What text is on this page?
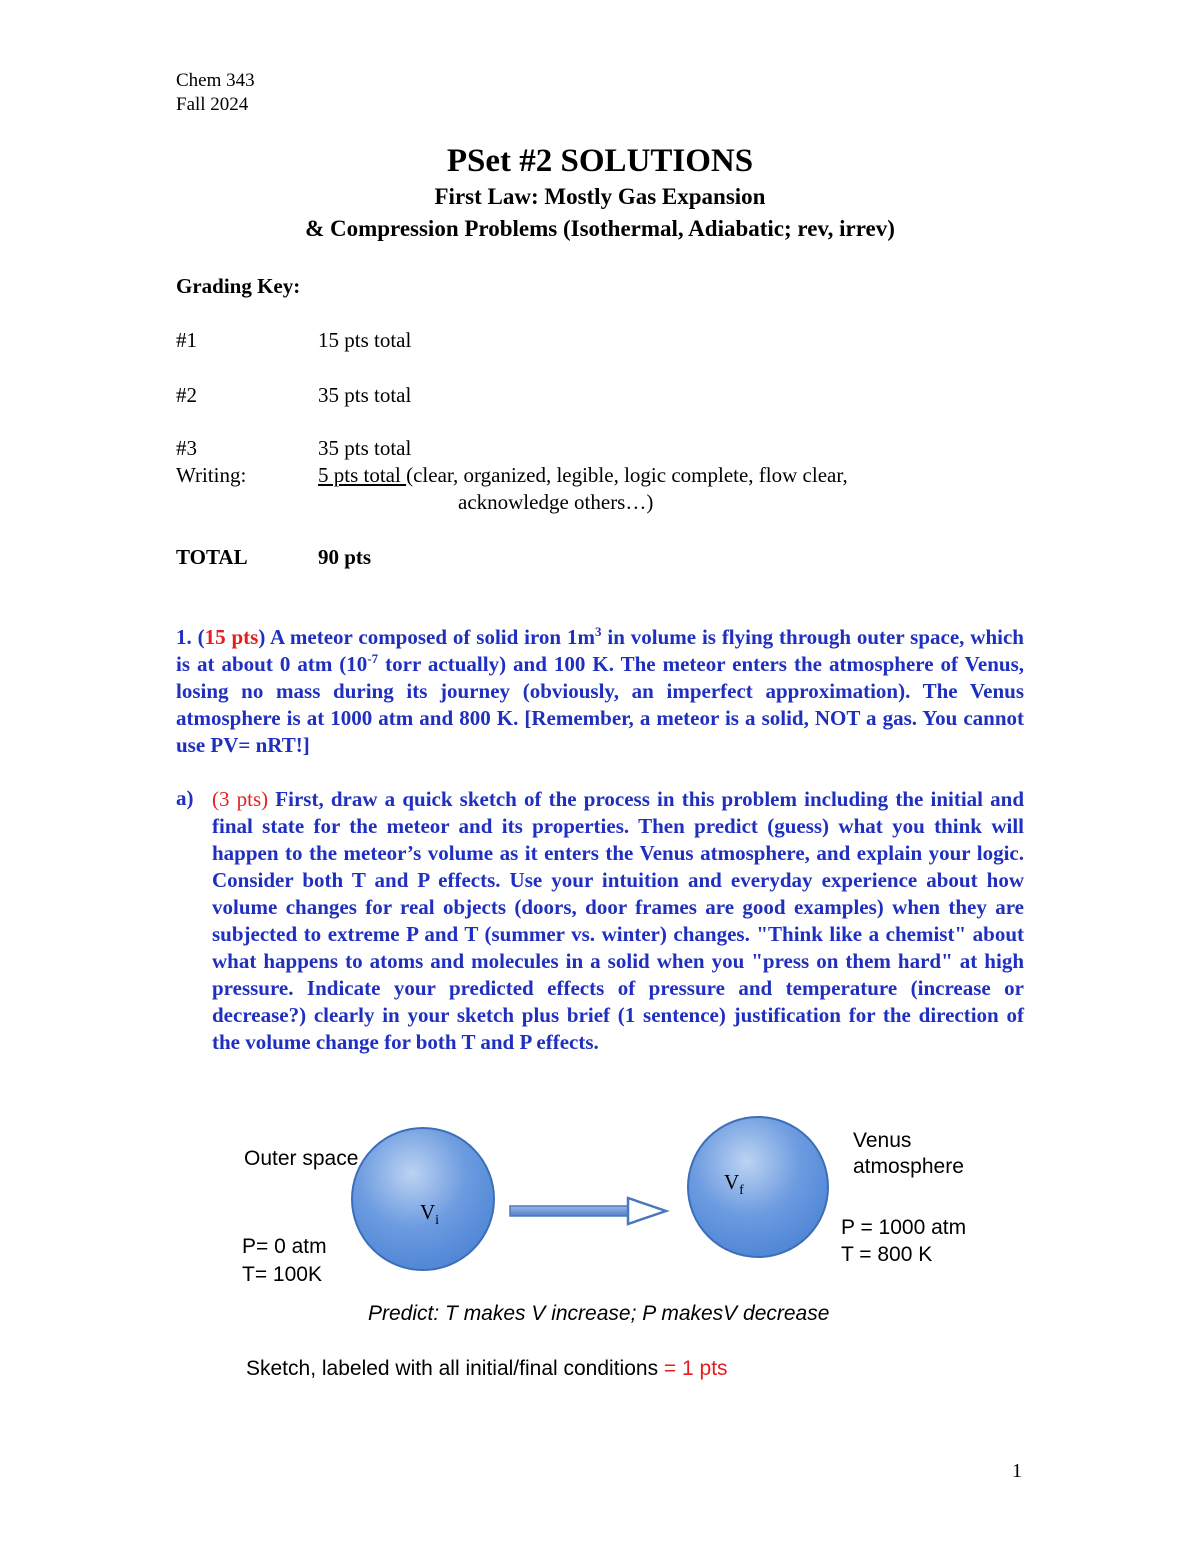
Chem 343
Fall 2024
PSet #2 SOLUTIONS
First Law: Mostly Gas Expansion
& Compression Problems (Isothermal, Adiabatic; rev, irrev)
Grading Key:
#1	15 pts total
#2	35 pts total
#3	35 pts total
Writing:	5 pts total (clear, organized, legible, logic complete, flow clear,
acknowledge others…)
TOTAL	90 pts
1. (15 pts) A meteor composed of solid iron $1m^3$ in volume is flying through outer space, which is at about 0 atm ($10^{-7}$ torr actually) and 100 K. The meteor enters the atmosphere of Venus, losing no mass during its journey (obviously, an imperfect approximation). The Venus atmosphere is at 1000 atm and 800 K. [Remember, a meteor is a solid, NOT a gas. You cannot use PV= nRT!]
a) (3 pts) First, draw a quick sketch of the process in this problem including the initial and final state for the meteor and its properties. Then predict (guess) what you think will happen to the meteor’s volume as it enters the Venus atmosphere, and explain your logic. Consider both T and P effects. Use your intuition and everyday experience about how volume changes for real objects (doors, door frames are good examples) when they are subjected to extreme P and T (summer vs. winter) changes. "Think like a chemist" about what happens to atoms and molecules in a solid when you "press on them hard" at high pressure. Indicate your predicted effects of pressure and temperature (increase or decrease?) clearly in your sketch plus brief (1 sentence) justification for the direction of the volume change for both T and P effects.
$V_i$
$V_f$
Outer space
P= 0 atm
T= 100K
Venus
atmosphere
P = 1000 atm
T = 800 K
Predict: T makes V increase; P makesV decrease
Sketch, labeled with all initial/final conditions = 1 pts
1
